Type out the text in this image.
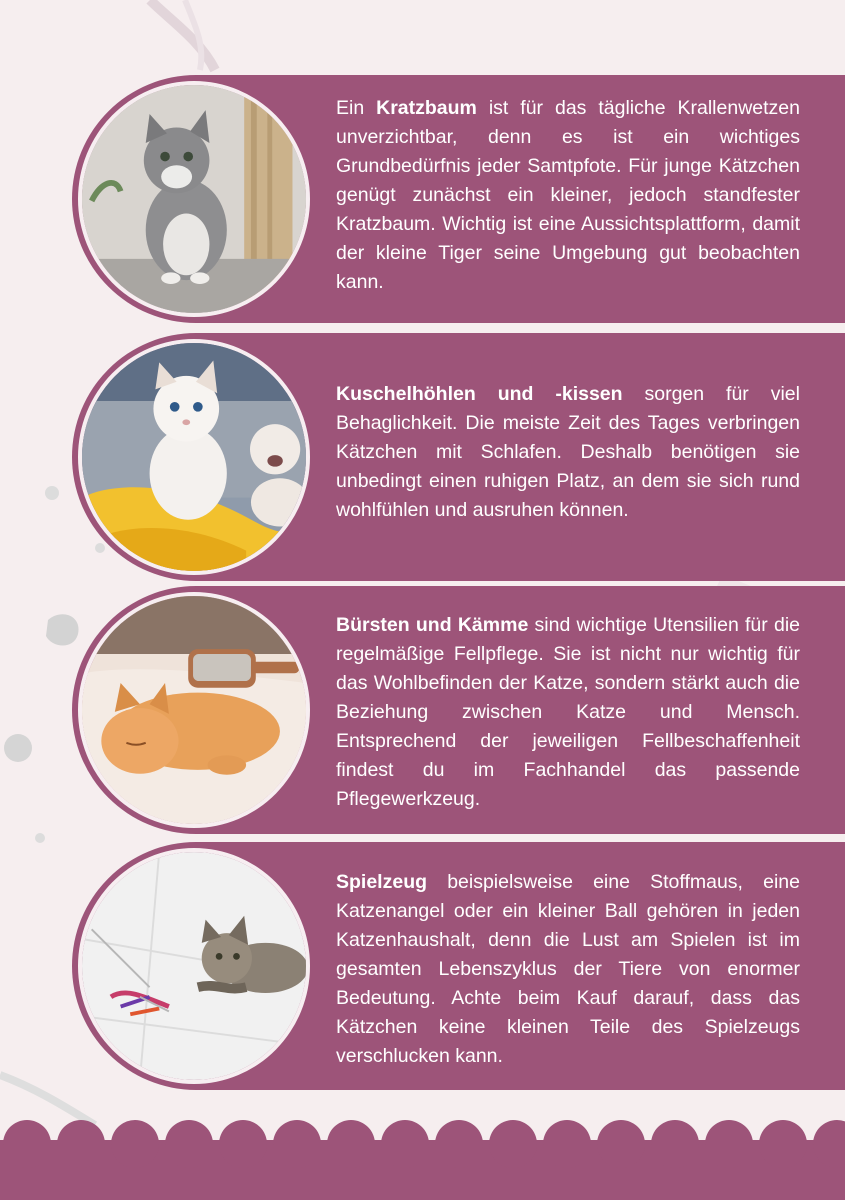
Ein Kratzbaum ist für das tägliche Krallenwetzen unverzichtbar, denn es ist ein wichtiges Grundbedürfnis jeder Samtpfote. Für junge Kätzchen genügt zunächst ein kleiner, jedoch standfester Kratzbaum. Wichtig ist eine Aussichtsplattform, damit der kleine Tiger seine Umgebung gut beobachten kann.
Kuschelhöhlen und -kissen sorgen für viel Behaglichkeit. Die meiste Zeit des Tages verbringen Kätzchen mit Schlafen. Deshalb benötigen sie unbedingt einen ruhigen Platz, an dem sie sich rund wohlfühlen und ausruhen können.
Bürsten und Kämme sind wichtige Utensilien für die regelmäßige Fellpflege. Sie ist nicht nur wichtig für das Wohlbefinden der Katze, sondern stärkt auch die Beziehung zwischen Katze und Mensch. Entsprechend der jeweiligen Fellbeschaffenheit findest du im Fachhandel das passende Pflegewerkzeug.
Spielzeug beispielsweise eine Stoffmaus, eine Katzenangel oder ein kleiner Ball gehören in jeden Katzenhaushalt, denn die Lust am Spielen ist im gesamten Lebenszyklus der Tiere von enormer Bedeutung. Achte beim Kauf darauf, dass das Kätzchen keine kleinen Teile des Spielzeugs verschlucken kann.
